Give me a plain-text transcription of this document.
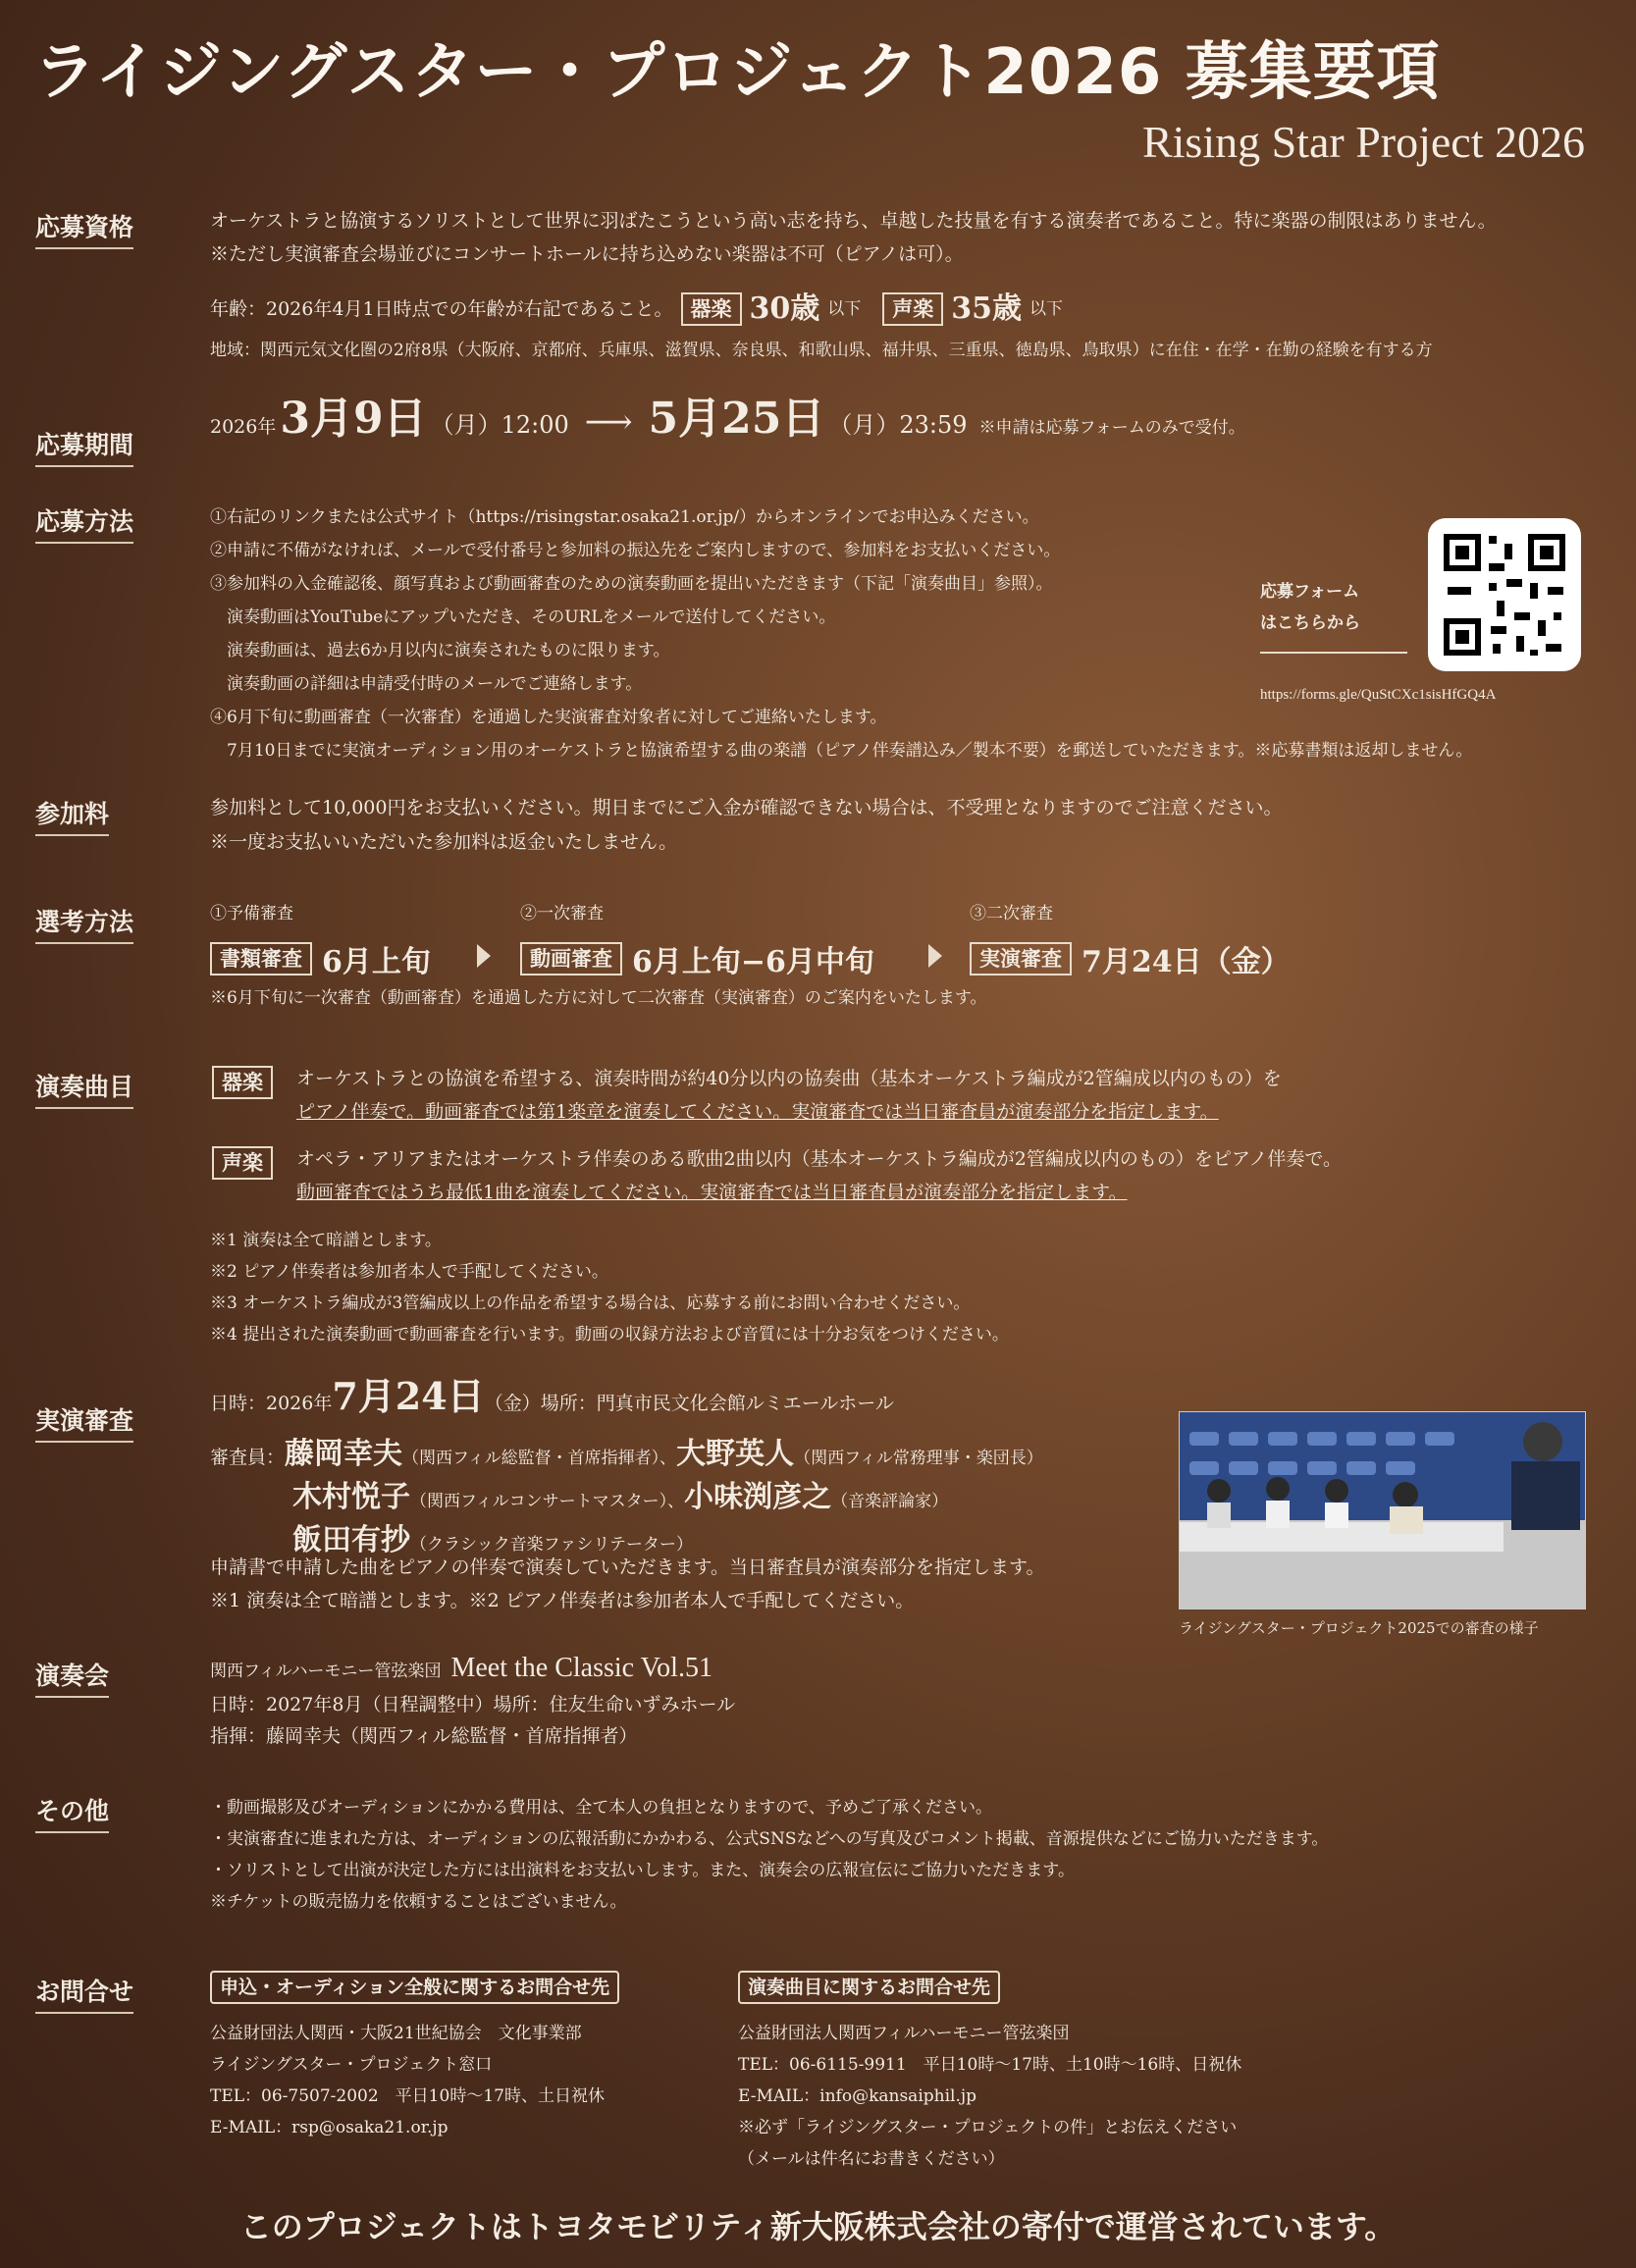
ライジングスター・プロジェクト2026 募集要項
Rising Star Project 2026
応募資格	オーケストラと協演するソリストとして世界に羽ばたこうという高い志を持ち、卓越した技量を有する演奏者であること。特に楽器の制限はありません。
※ただし実演審査会場並びにコンサートホールに持ち込めない楽器は不可（ピアノは可）。
年齢：2026年4月1日時点での年齢が右記であること。 器楽 30歳 以下	声楽 35歳 以下
地域：関西元気文化圏の2府8県（大阪府、京都府、兵庫県、滋賀県、奈良県、和歌山県、福井県、三重県、徳島県、鳥取県）に在住・在学・在勤の経験を有する方
応募期間
2026年 3月9日 （月）12:00 ⟶ 5月25日 （月）23:59 ※申請は応募フォームのみで受付。
応募方法	①右記のリンクまたは公式サイト（https://risingstar.osaka21.or.jp/）からオンラインでお申込みください。
②申請に不備がなければ、メールで受付番号と参加料の振込先をご案内しますので、参加料をお支払いください。
③参加料の入金確認後、顔写真および動画審査のための演奏動画を提出いただきます（下記「演奏曲目」参照）。
　演奏動画はYouTubeにアップいただき、そのURLをメールで送付してください。
　演奏動画は、過去6か月以内に演奏されたものに限ります。
　演奏動画の詳細は申請受付時のメールでご連絡します。
④6月下旬に動画審査（一次審査）を通過した実演審査対象者に対してご連絡いたします。
　7月10日までに実演オーディション用のオーケストラと協演希望する曲の楽譜（ピアノ伴奏譜込み／製本不要）を郵送していただきます。※応募書類は返却しません。
応募フォーム
はこちらから
https://forms.gle/QuStCXc1sisHfGQ4A
参加料	参加料として10,000円をお支払いください。期日までにご入金が確認できない場合は、不受理となりますのでご注意ください。
※一度お支払いいただいた参加料は返金いたしません。
選考方法	①予備審査
書類審査 6月上旬
②一次審査
動画審査 6月上旬−6月中旬
③二次審査
実演審査 7月24日（金）
※6月下旬に一次審査（動画審査）を通過した方に対して二次審査（実演審査）のご案内をいたします。
演奏曲目	器楽	オーケストラとの協演を希望する、演奏時間が約40分以内の協奏曲（基本オーケストラ編成が2管編成以内のもの）を
ピアノ伴奏で。動画審査では第1楽章を演奏してください。実演審査では当日審査員が演奏部分を指定します。
声楽	オペラ・アリアまたはオーケストラ伴奏のある歌曲2曲以内（基本オーケストラ編成が2管編成以内のもの）をピアノ伴奏で。
動画審査ではうち最低1曲を演奏してください。実演審査では当日審査員が演奏部分を指定します。
※1 演奏は全て暗譜とします。
※2 ピアノ伴奏者は参加者本人で手配してください。
※3 オーケストラ編成が3管編成以上の作品を希望する場合は、応募する前にお問い合わせください。
※4 提出された演奏動画で動画審査を行います。動画の収録方法および音質には十分お気をつけください。
実演審査
日時：2026年 7月24日 （金）場所：門真市民文化会館ルミエールホール
審査員： 藤岡幸夫 （関西フィル総監督・首席指揮者）、 大野英人 （関西フィル常務理事・楽団長）
木村悦子 （関西フィルコンサートマスター）、 小味渕彦之 （音楽評論家）
飯田有抄 （クラシック音楽ファシリテーター）
申請書で申請した曲をピアノの伴奏で演奏していただきます。当日審査員が演奏部分を指定します。
※1 演奏は全て暗譜とします。※2 ピアノ伴奏者は参加者本人で手配してください。
ライジングスター・プロジェクト2025での審査の様子
演奏会	関西フィルハーモニー管弦楽団 Meet the Classic Vol.51
日時：2027年8月（日程調整中）場所：住友生命いずみホール
指揮：藤岡幸夫（関西フィル総監督・首席指揮者）
その他	・動画撮影及びオーディションにかかる費用は、全て本人の負担となりますので、予めご了承ください。
・実演審査に進まれた方は、オーディションの広報活動にかかわる、公式SNSなどへの写真及びコメント掲載、音源提供などにご協力いただきます。
・ソリストとして出演が決定した方には出演料をお支払いします。また、演奏会の広報宣伝にご協力いただきます。
※チケットの販売協力を依頼することはございません。
お問合せ	申込・オーディション全般に関するお問合せ先
公益財団法人関西・大阪21世紀協会　文化事業部
ライジングスター・プロジェクト窓口
TEL：06-7507-2002　平日10時〜17時、土日祝休
E-MAIL：rsp@osaka21.or.jp
演奏曲目に関するお問合せ先
公益財団法人関西フィルハーモニー管弦楽団
TEL：06-6115-9911　平日10時〜17時、土10時〜16時、日祝休
E-MAIL：info@kansaiphil.jp
※必ず「ライジングスター・プロジェクトの件」とお伝えください
（メールは件名にお書きください）
このプロジェクトはトヨタモビリティ新大阪株式会社の寄付で運営されています。
